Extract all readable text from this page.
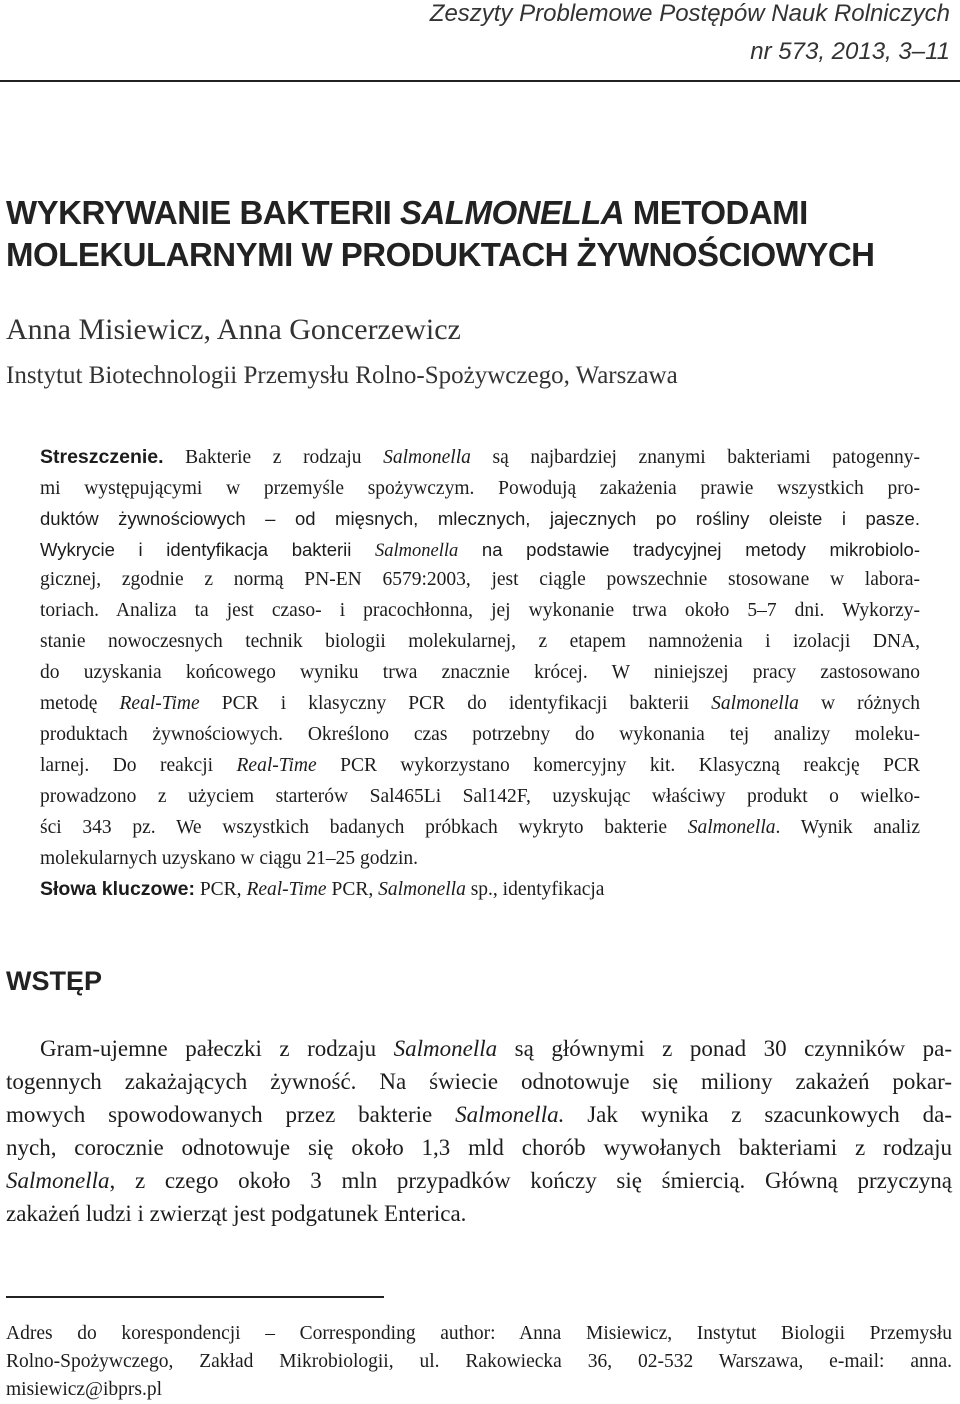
Zeszyty Problemowe Postępów Nauk Rolniczych
nr 573, 2013, 3–11
WYKRYWANIE BAKTERII SALMONELLA METODAMI
MOLEKULARNYMI W PRODUKTACH ŻYWNOŚCIOWYCH
Anna Misiewicz, Anna Goncerzewicz
Instytut Biotechnologii Przemysłu Rolno-Spożywczego, Warszawa
Streszczenie. Bakterie z rodzaju Salmonella są najbardziej znanymi bakteriami patogenny-
mi występującymi w przemyśle spożywczym. Powodują zakażenia prawie wszystkich pro-
duktów żywnościowych – od mięsnych, mlecznych, jajecznych po rośliny oleiste i pasze.
Wykrycie i identyfikacja bakterii Salmonella na podstawie tradycyjnej metody mikrobiolo-
gicznej, zgodnie z normą PN-EN 6579:2003, jest ciągle powszechnie stosowane w labora-
toriach. Analiza ta jest czaso- i pracochłonna, jej wykonanie trwa około 5–7 dni. Wykorzy-
stanie nowoczesnych technik biologii molekularnej, z etapem namnożenia i izolacji DNA,
do uzyskania końcowego wyniku trwa znacznie krócej. W niniejszej pracy zastosowano
metodę Real-Time PCR i klasyczny PCR do identyfikacji bakterii Salmonella w różnych
produktach żywnościowych. Określono czas potrzebny do wykonania tej analizy moleku-
larnej. Do reakcji Real-Time PCR wykorzystano komercyjny kit. Klasyczną reakcję PCR
prowadzono z użyciem starterów Sal465Li Sal142F, uzyskując właściwy produkt o wielko-
ści 343 pz. We wszystkich badanych próbkach wykryto bakterie Salmonella. Wynik analiz
molekularnych uzyskano w ciągu 21–25 godzin.
Słowa kluczowe: PCR, Real-Time PCR, Salmonella sp., identyfikacja
WSTĘP
Gram-ujemne pałeczki z rodzaju Salmonella są głównymi z ponad 30 czynników pa-
togennych zakażających żywność. Na świecie odnotowuje się miliony zakażeń pokar-
mowych spowodowanych przez bakterie Salmonella. Jak wynika z szacunkowych da-
nych, corocznie odnotowuje się około 1,3 mld chorób wywołanych bakteriami z rodzaju
Salmonella, z czego około 3 mln przypadków kończy się śmiercią. Główną przyczyną
zakażeń ludzi i zwierząt jest podgatunek Enterica.
Adres do korespondencji – Corresponding author: Anna Misiewicz, Instytut Biologii Przemysłu
Rolno-Spożywczego, Zakład Mikrobiologii, ul. Rakowiecka 36, 02-532 Warszawa, e-mail: anna.
misiewicz@ibprs.pl
